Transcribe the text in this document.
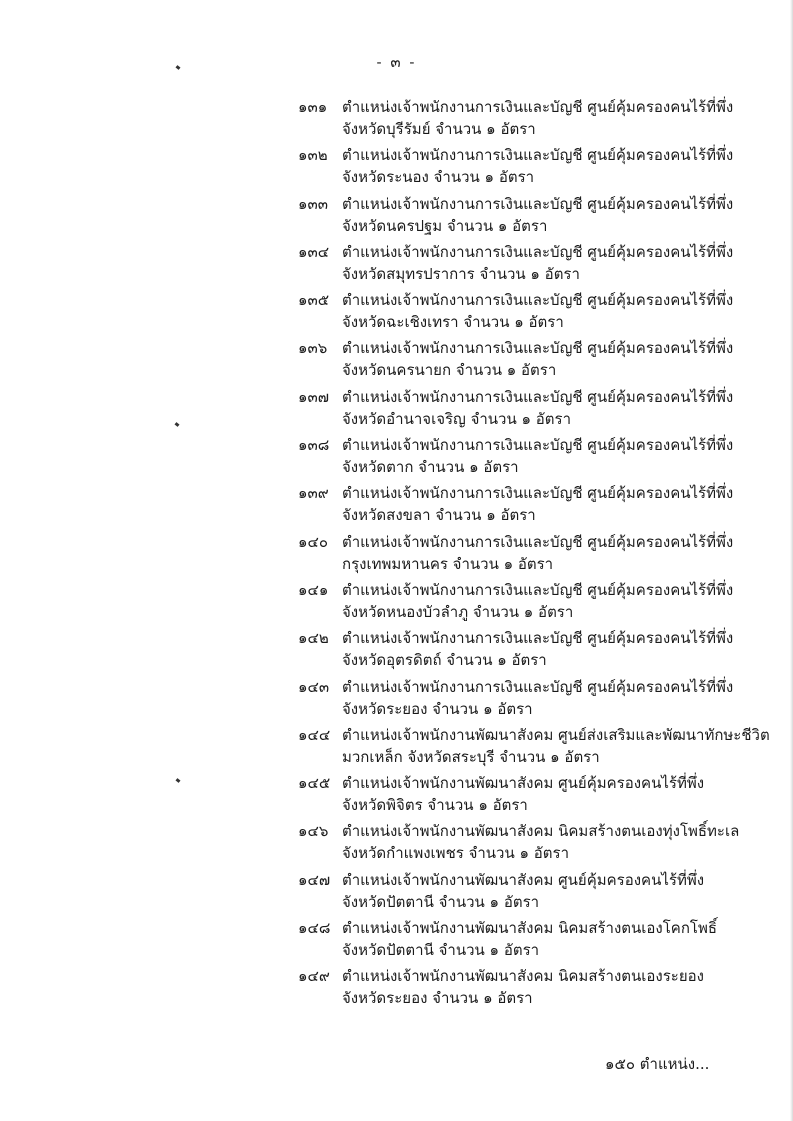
- ๓ -
๑๓๑ ตำแหน่งเจ้าพนักงานการเงินและบัญชี ศูนย์คุ้มครองคนไร้ที่พึ่ง
จังหวัดบุรีรัมย์ จำนวน ๑ อัตรา
๑๓๒ ตำแหน่งเจ้าพนักงานการเงินและบัญชี ศูนย์คุ้มครองคนไร้ที่พึ่ง
จังหวัดระนอง จำนวน ๑ อัตรา
๑๓๓ ตำแหน่งเจ้าพนักงานการเงินและบัญชี ศูนย์คุ้มครองคนไร้ที่พึ่ง
จังหวัดนครปฐม จำนวน ๑ อัตรา
๑๓๔ ตำแหน่งเจ้าพนักงานการเงินและบัญชี ศูนย์คุ้มครองคนไร้ที่พึ่ง
จังหวัดสมุทรปราการ จำนวน ๑ อัตรา
๑๓๕ ตำแหน่งเจ้าพนักงานการเงินและบัญชี ศูนย์คุ้มครองคนไร้ที่พึ่ง
จังหวัดฉะเชิงเทรา จำนวน ๑ อัตรา
๑๓๖ ตำแหน่งเจ้าพนักงานการเงินและบัญชี ศูนย์คุ้มครองคนไร้ที่พึ่ง
จังหวัดนครนายก จำนวน ๑ อัตรา
๑๓๗ ตำแหน่งเจ้าพนักงานการเงินและบัญชี ศูนย์คุ้มครองคนไร้ที่พึ่ง
จังหวัดอำนาจเจริญ จำนวน ๑ อัตรา
๑๓๘ ตำแหน่งเจ้าพนักงานการเงินและบัญชี ศูนย์คุ้มครองคนไร้ที่พึ่ง
จังหวัดตาก จำนวน ๑ อัตรา
๑๓๙ ตำแหน่งเจ้าพนักงานการเงินและบัญชี ศูนย์คุ้มครองคนไร้ที่พึ่ง
จังหวัดสงขลา จำนวน ๑ อัตรา
๑๔๐ ตำแหน่งเจ้าพนักงานการเงินและบัญชี ศูนย์คุ้มครองคนไร้ที่พึ่ง
กรุงเทพมหานคร จำนวน ๑ อัตรา
๑๔๑ ตำแหน่งเจ้าพนักงานการเงินและบัญชี ศูนย์คุ้มครองคนไร้ที่พึ่ง
จังหวัดหนองบัวลำภู จำนวน ๑ อัตรา
๑๔๒ ตำแหน่งเจ้าพนักงานการเงินและบัญชี ศูนย์คุ้มครองคนไร้ที่พึ่ง
จังหวัดอุตรดิตถ์ จำนวน ๑ อัตรา
๑๔๓ ตำแหน่งเจ้าพนักงานการเงินและบัญชี ศูนย์คุ้มครองคนไร้ที่พึ่ง
จังหวัดระยอง จำนวน ๑ อัตรา
๑๔๔ ตำแหน่งเจ้าพนักงานพัฒนาสังคม ศูนย์ส่งเสริมและพัฒนาทักษะชีวิต
มวกเหล็ก จังหวัดสระบุรี จำนวน ๑ อัตรา
๑๔๕ ตำแหน่งเจ้าพนักงานพัฒนาสังคม ศูนย์คุ้มครองคนไร้ที่พึ่ง
จังหวัดพิจิตร จำนวน ๑ อัตรา
๑๔๖ ตำแหน่งเจ้าพนักงานพัฒนาสังคม นิคมสร้างตนเองทุ่งโพธิ์ทะเล
จังหวัดกำแพงเพชร จำนวน ๑ อัตรา
๑๔๗ ตำแหน่งเจ้าพนักงานพัฒนาสังคม ศูนย์คุ้มครองคนไร้ที่พึ่ง
จังหวัดปัตตานี จำนวน ๑ อัตรา
๑๔๘ ตำแหน่งเจ้าพนักงานพัฒนาสังคม นิคมสร้างตนเองโคกโพธิ์
จังหวัดปัตตานี จำนวน ๑ อัตรา
๑๔๙ ตำแหน่งเจ้าพนักงานพัฒนาสังคม นิคมสร้างตนเองระยอง
จังหวัดระยอง จำนวน ๑ อัตรา
๑๕๐ ตำแหน่ง...
